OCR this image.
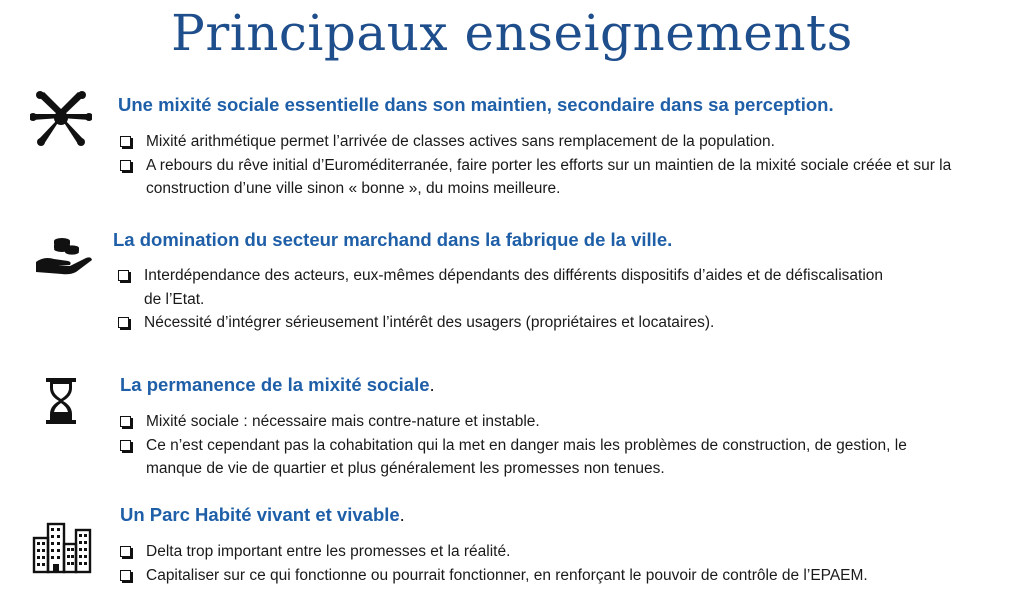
Principaux enseignements
Une mixité sociale essentielle dans son maintien, secondaire dans sa perception.
Mixité arithmétique permet l’arrivée de classes actives sans remplacement de la population.
A rebours du rêve initial d’Euroméditerranée, faire porter les efforts sur un maintien de la mixité sociale créée et sur la construction d’une ville sinon « bonne », du moins meilleure.
La domination du secteur marchand dans la fabrique de la ville.
Interdépendance des acteurs, eux-mêmes dépendants des différents dispositifs d’aides et de défiscalisation de l’Etat.
Nécessité d’intégrer sérieusement l’intérêt des usagers (propriétaires et locataires).
La permanence de la mixité sociale.
Mixité sociale : nécessaire mais contre-nature et instable.
Ce n’est cependant pas la cohabitation qui la met en danger mais les problèmes de construction, de gestion, le manque de vie de quartier et plus généralement les promesses non tenues.
Un Parc Habité vivant et vivable.
Delta trop important entre les promesses et la réalité.
Capitaliser sur ce qui fonctionne ou pourrait fonctionner, en renforçant le pouvoir de contrôle de l’EPAEM.
